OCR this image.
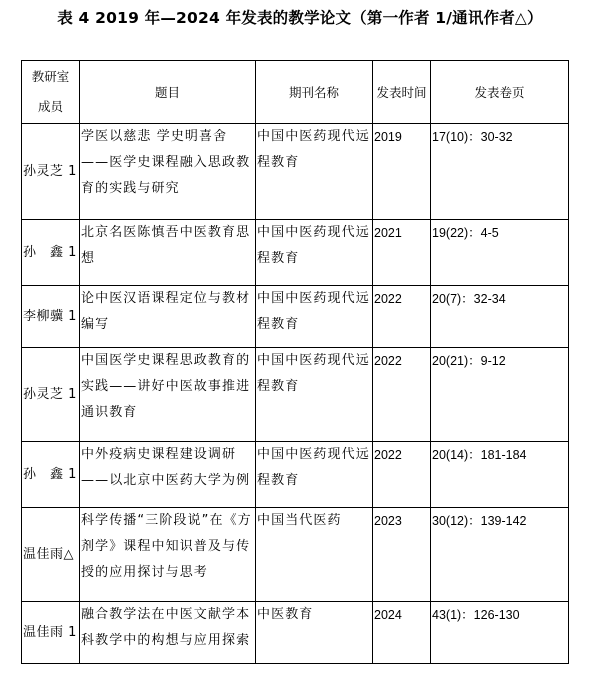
表 4 2019 年—2024 年发表的教学论文（第一作者 1/通讯作者△）
教研室
成员	题目	期刊名称	发表时间	发表卷页
孙灵芝 1	学医以慈悲 学史明喜舍——医学史课程融入思政教育的实践与研究	中国中医药现代远程教育	2019	17(10)：30-32
孙　鑫 1	北京名医陈慎吾中医教育思想	中国中医药现代远程教育	2021	19(22)：4-5
李柳骥 1	论中医汉语课程定位与教材编写	中国中医药现代远程教育	2022	20(7)：32-34
孙灵芝 1	中国医学史课程思政教育的实践——讲好中医故事推进通识教育	中国中医药现代远程教育	2022	20(21)：9-12
孙　鑫 1	中外疫病史课程建设调研——以北京中医药大学为例	中国中医药现代远程教育	2022	20(14)：181-184
温佳雨△	科学传播“三阶段说”在《方剂学》课程中知识普及与传授的应用探讨与思考	中国当代医药	2023	30(12)：139-142
温佳雨 1	融合教学法在中医文献学本科教学中的构想与应用探索	中医教育	2024	43(1)：126-130
